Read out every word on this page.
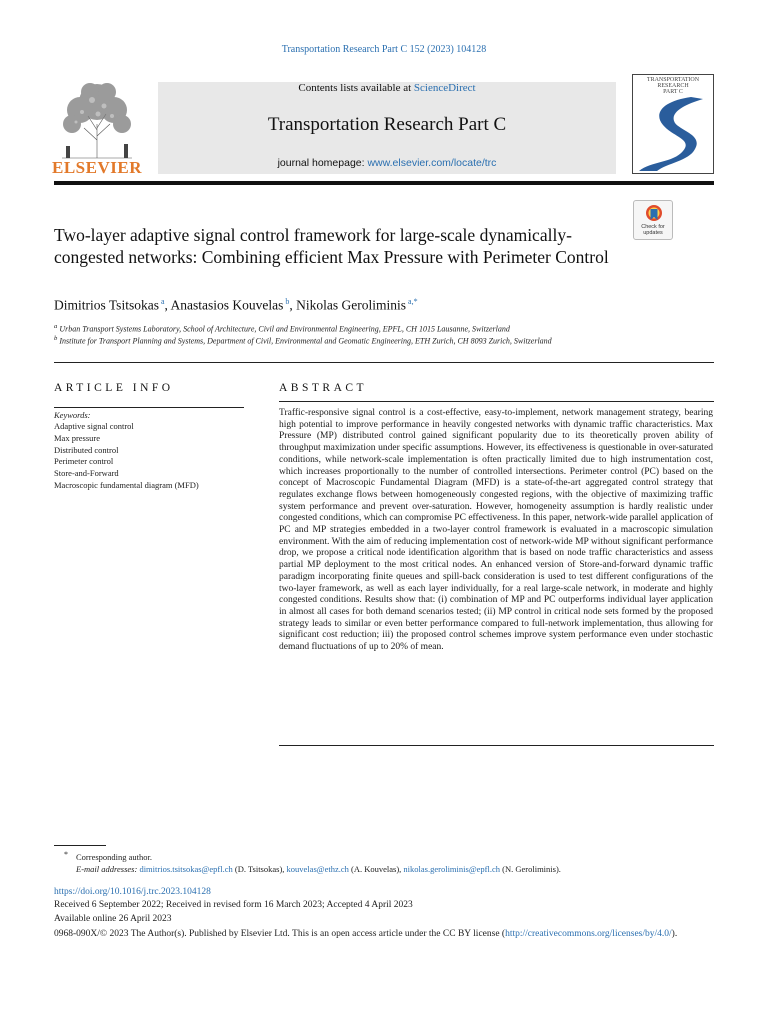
Transportation Research Part C 152 (2023) 104128
ELSEVIER
Contents lists available at ScienceDirect
Transportation Research Part C
journal homepage: www.elsevier.com/locate/trc
TRANSPORTATION RESEARCH
PART C
Check for updates
Two-layer adaptive signal control framework for large-scale dynamically-congested networks: Combining efficient Max Pressure with Perimeter Control
Dimitrios Tsitsokas $^a$, Anastasios Kouvelas $^b$, Nikolas Geroliminis $^{a,*}$
$^a$ Urban Transport Systems Laboratory, School of Architecture, Civil and Environmental Engineering, EPFL, CH 1015 Lausanne, Switzerland
$^b$ Institute for Transport Planning and Systems, Department of Civil, Environmental and Geomatic Engineering, ETH Zurich, CH 8093 Zurich, Switzerland
ARTICLE INFO
Keywords:
Adaptive signal control
Max pressure
Distributed control
Perimeter control
Store-and-Forward
Macroscopic fundamental diagram (MFD)
ABSTRACT
Traffic-responsive signal control is a cost-effective, easy-to-implement, network management strategy, bearing high potential to improve performance in heavily congested networks with dynamic traffic characteristics. Max Pressure (MP) distributed control gained significant popularity due to its theoretically proven ability of throughput maximization under specific assumptions. However, its effectiveness is questionable in over-saturated conditions, while network-scale implementation is often practically limited due to high instrumentation cost, which increases proportionally to the number of controlled intersections. Perimeter control (PC) based on the concept of Macroscopic Fundamental Diagram (MFD) is a state-of-the-art aggregated control strategy that regulates exchange flows between homogeneously congested regions, with the objective of maximizing traffic system performance and prevent over-saturation. However, homogeneity assumption is hardly realistic under congested conditions, which can compromise PC effectiveness. In this paper, network-wide parallel application of PC and MP strategies embedded in a two-layer control framework is evaluated in a macroscopic simulation environment. With the aim of reducing implementation cost of network-wide MP without significant performance drop, we propose a critical node identification algorithm that is based on node traffic characteristics and assess partial MP deployment to the most critical nodes. An enhanced version of Store-and-forward dynamic traffic paradigm incorporating finite queues and spill-back consideration is used to test different configurations of the two-layer framework, as well as each layer individually, for a real large-scale network, in moderate and highly congested conditions. Results show that: (i) combination of MP and PC outperforms individual layer application in almost all cases for both demand scenarios tested; (ii) MP control in critical node sets formed by the proposed strategy leads to similar or even better performance compared to full-network implementation, thus allowing for significant cost reduction; iii) the proposed control schemes improve system performance even under stochastic demand fluctuations of up to 20% of mean.
* Corresponding author.
E-mail addresses: dimitrios.tsitsokas@epfl.ch (D. Tsitsokas), kouvelas@ethz.ch (A. Kouvelas), nikolas.geroliminis@epfl.ch (N. Geroliminis).
https://doi.org/10.1016/j.trc.2023.104128
Received 6 September 2022; Received in revised form 16 March 2023; Accepted 4 April 2023
Available online 26 April 2023
0968-090X/© 2023 The Author(s). Published by Elsevier Ltd. This is an open access article under the CC BY license (http://creativecommons.org/licenses/by/4.0/).
